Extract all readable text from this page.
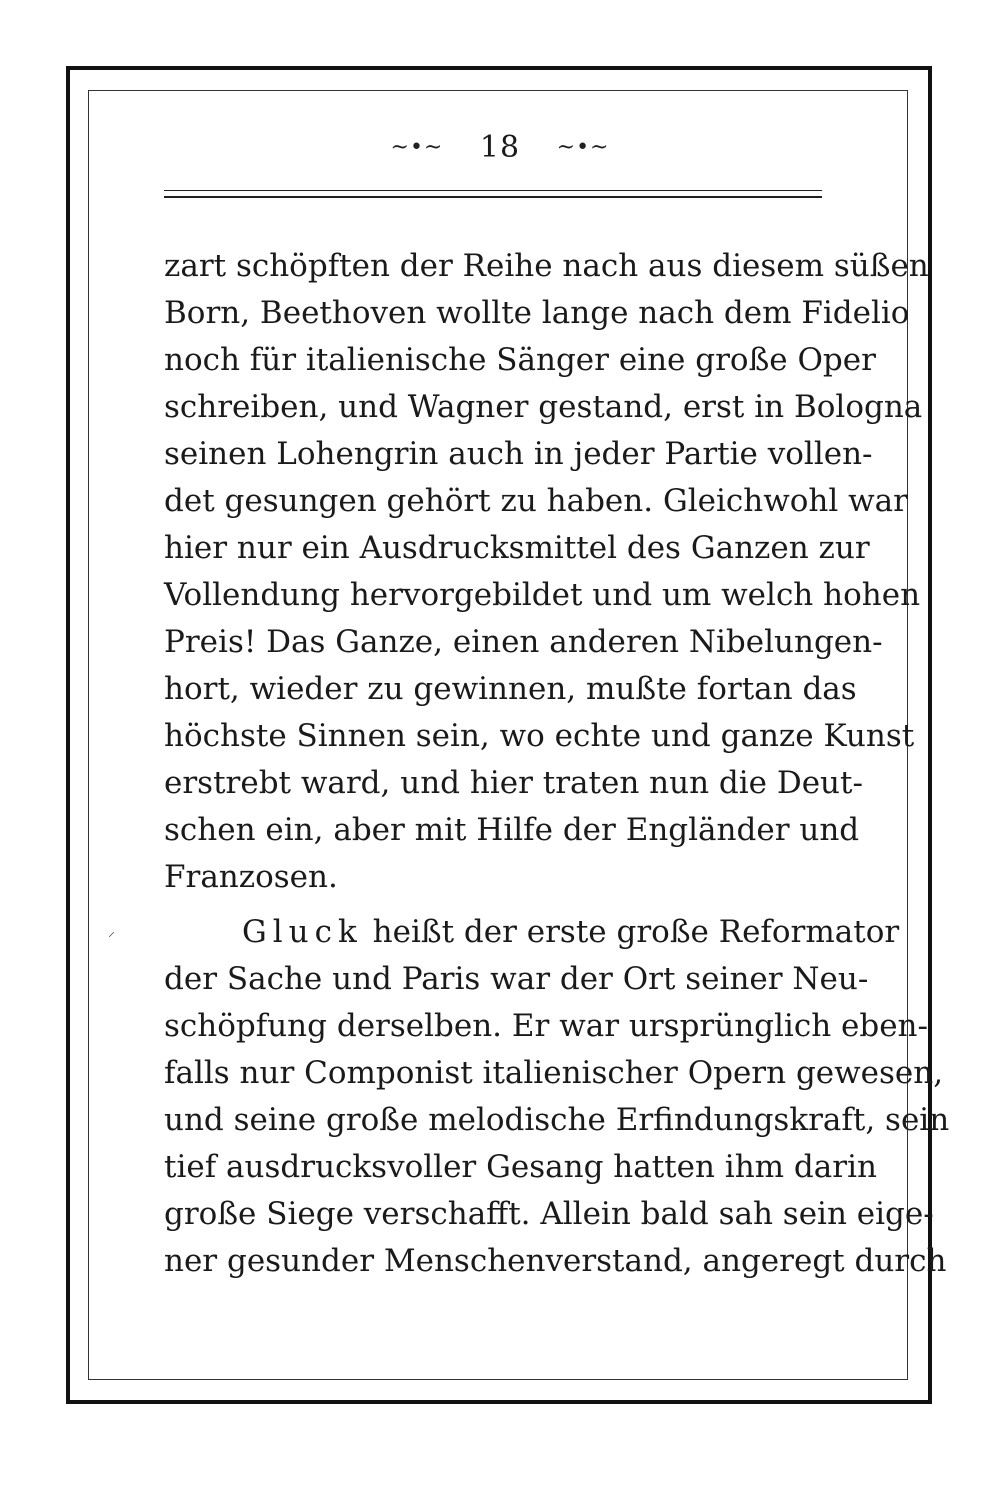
~•~ 18 ~•~
zart schöpften der Reihe nach aus diesem süßen
Born, Beethoven wollte lange nach dem Fidelio
noch für italienische Sänger eine große Oper
schreiben, und Wagner gestand, erst in Bologna
seinen Lohengrin auch in jeder Partie vollen-
det gesungen gehört zu haben. Gleichwohl war
hier nur ein Ausdrucksmittel des Ganzen zur
Vollendung hervorgebildet und um welch hohen
Preis! Das Ganze, einen anderen Nibelungen-
hort, wieder zu gewinnen, mußte fortan das
höchste Sinnen sein, wo echte und ganze Kunst
erstrebt ward, und hier traten nun die Deut-
schen ein, aber mit Hilfe der Engländer und
Franzosen.
Gluck heißt der erste große Reformator
der Sache und Paris war der Ort seiner Neu-
schöpfung derselben. Er war ursprünglich eben-
falls nur Componist italienischer Opern gewesen,
und seine große melodische Erfindungskraft, sein
tief ausdrucksvoller Gesang hatten ihm darin
große Siege verschafft. Allein bald sah sein eige-
ner gesunder Menschenverstand, angeregt durch
⸝
